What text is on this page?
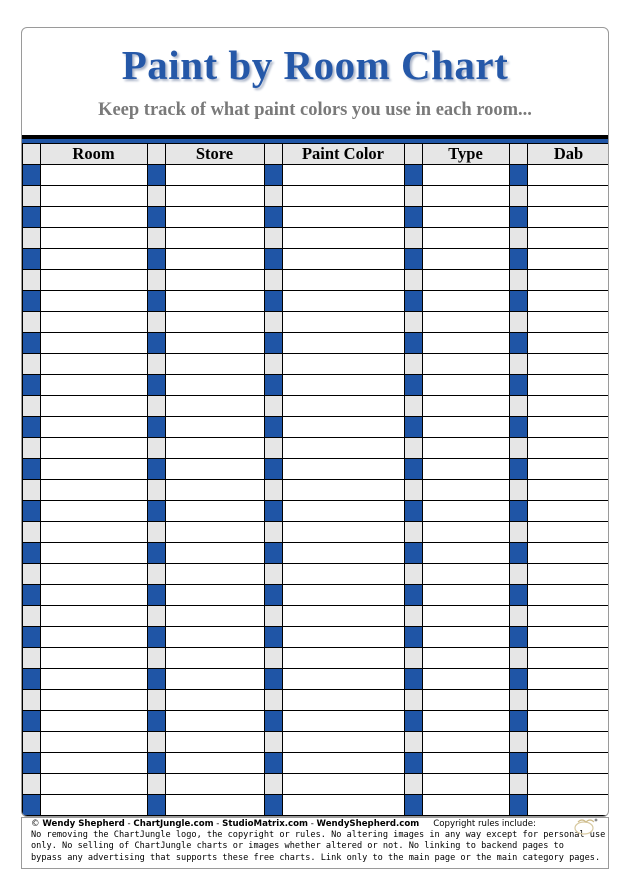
Paint by Room Chart
Keep track of what paint colors you use in each room...
Room	Store	Paint Color	Type	Dab
© Wendy Shepherd - ChartJungle.com - StudioMatrix.com - WendyShepherd.com Copyright rules include:
No removing the ChartJungle logo, the copyright or rules. No altering images in any way except for personal use
only. No selling of ChartJungle charts or images whether altered or not. No linking to backend pages to
bypass any advertising that supports these free charts. Link only to the main page or the main category pages.
